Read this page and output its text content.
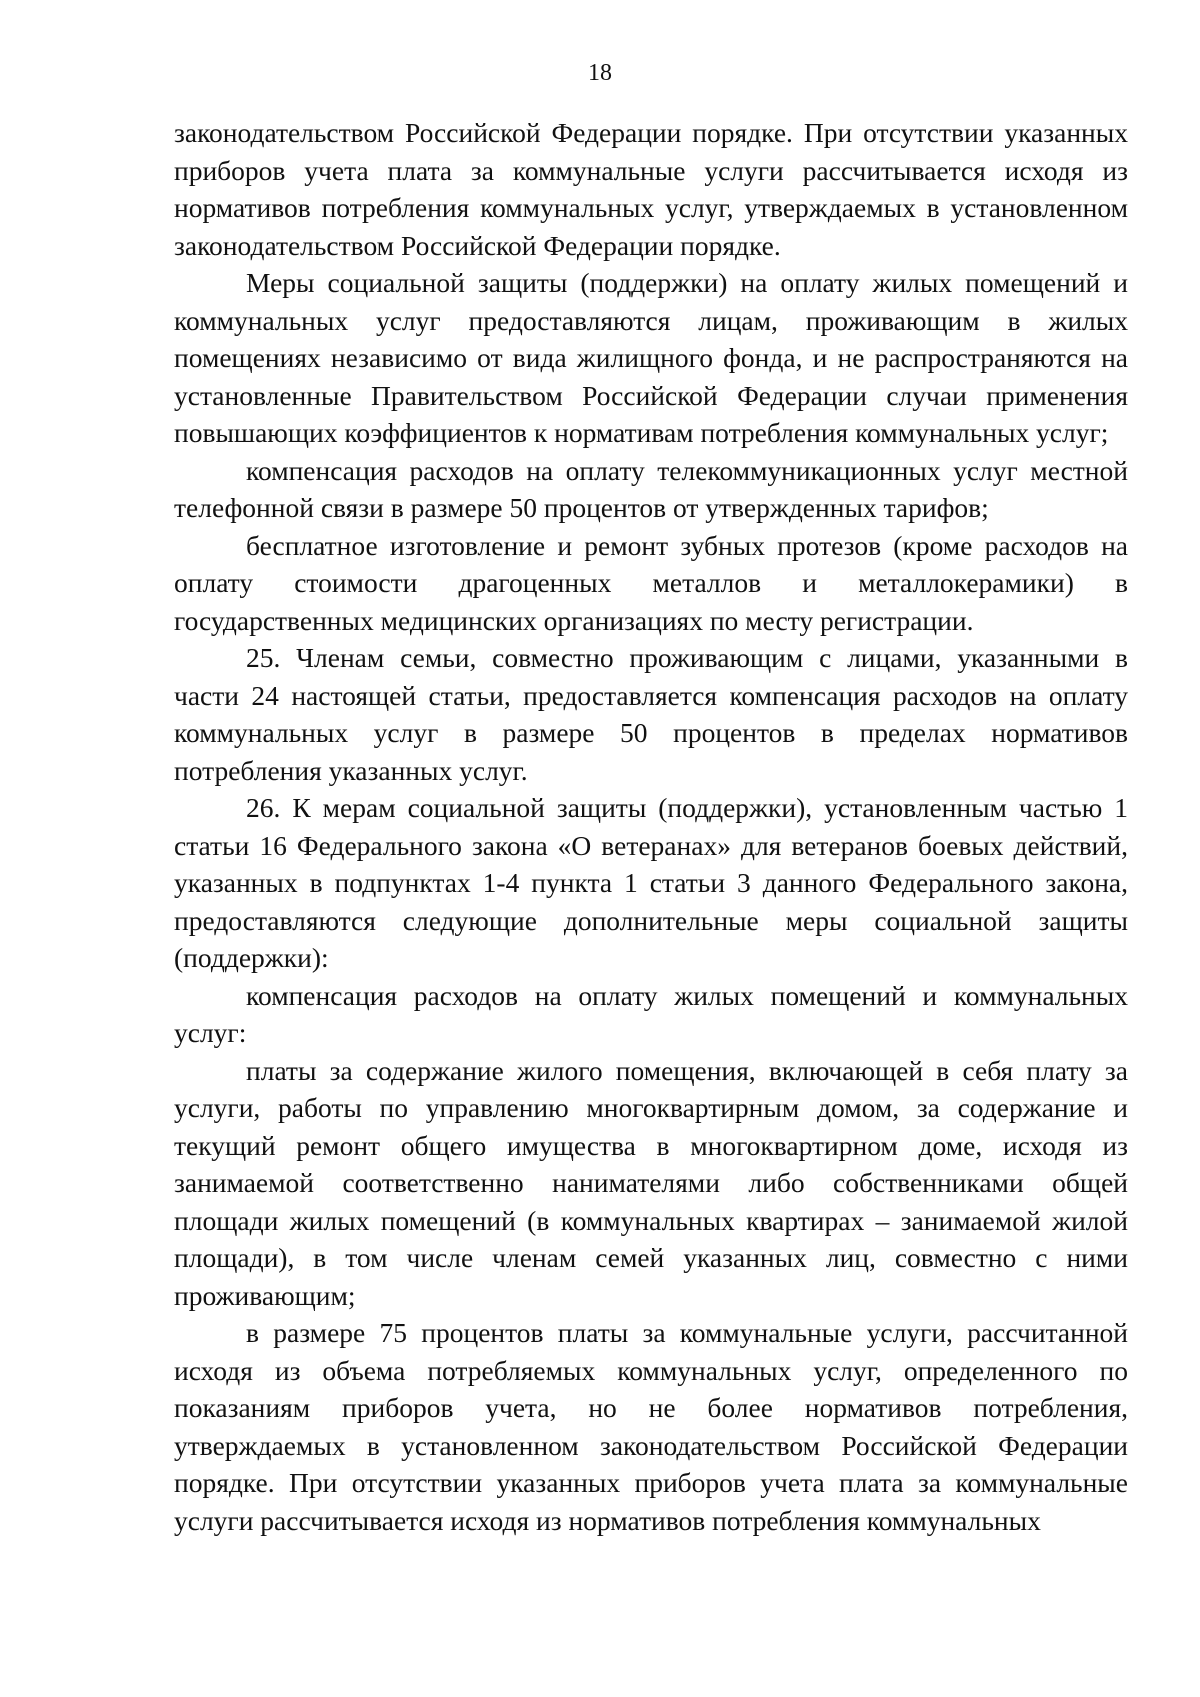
18

законодательством Российской Федерации порядке. При отсутствии указанных приборов учета плата за коммунальные услуги рассчитывается исходя из нормативов потребления коммунальных услуг, утверждаемых в установленном законодательством Российской Федерации порядке.

Меры социальной защиты (поддержки) на оплату жилых помещений и коммунальных услуг предоставляются лицам, проживающим в жилых помещениях независимо от вида жилищного фонда, и не распространяются на установленные Правительством Российской Федерации случаи применения повышающих коэффициентов к нормативам потребления коммунальных услуг;

компенсация расходов на оплату телекоммуникационных услуг местной телефонной связи в размере 50 процентов от утвержденных тарифов;

бесплатное изготовление и ремонт зубных протезов (кроме расходов на оплату стоимости драгоценных металлов и металлокерамики) в государственных медицинских организациях по месту регистрации.

25. Членам семьи, совместно проживающим с лицами, указанными в части 24 настоящей статьи, предоставляется компенсация расходов на оплату коммунальных услуг в размере 50 процентов в пределах нормативов потребления указанных услуг.

26. К мерам социальной защиты (поддержки), установленным частью 1 статьи 16 Федерального закона «О ветеранах» для ветеранов боевых действий, указанных в подпунктах 1-4 пункта 1 статьи 3 данного Федерального закона, предоставляются следующие дополнительные меры социальной защиты (поддержки):

компенсация расходов на оплату жилых помещений и коммунальных услуг:

платы за содержание жилого помещения, включающей в себя плату за услуги, работы по управлению многоквартирным домом, за содержание и текущий ремонт общего имущества в многоквартирном доме, исходя из занимаемой соответственно нанимателями либо собственниками общей площади жилых помещений (в коммунальных квартирах – занимаемой жилой площади), в том числе членам семей указанных лиц, совместно с ними проживающим;

в размере 75 процентов платы за коммунальные услуги, рассчитанной исходя из объема потребляемых коммунальных услуг, определенного по показаниям приборов учета, но не более нормативов потребления, утверждаемых в установленном законодательством Российской Федерации порядке. При отсутствии указанных приборов учета плата за коммунальные услуги рассчитывается исходя из нормативов потребления коммунальных
